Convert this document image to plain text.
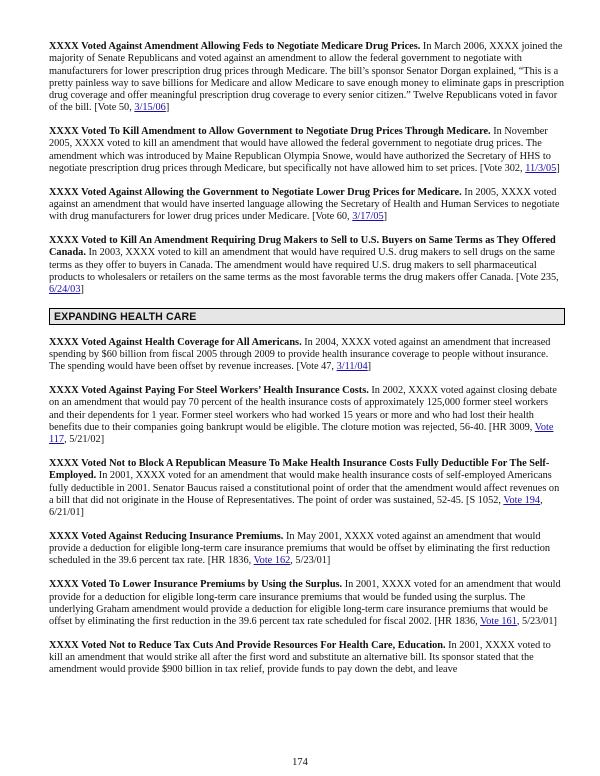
XXXX Voted Against Amendment Allowing Feds to Negotiate Medicare Drug Prices. In March 2006, XXXX joined the majority of Senate Republicans and voted against an amendment to allow the federal government to negotiate with manufacturers for lower prescription drug prices through Medicare. The bill’s sponsor Senator Dorgan explained, “This is a pretty painless way to save billions for Medicare and allow Medicare to save enough money to eliminate gaps in prescription drug coverage and offer meaningful prescription drug coverage to every senior citizen.” Twelve Republicans voted in favor of the bill. [Vote 50, 3/15/06]

XXXX Voted To Kill Amendment to Allow Government to Negotiate Drug Prices Through Medicare. In November 2005, XXXX voted to kill an amendment that would have allowed the federal government to negotiate drug prices. The amendment which was introduced by Maine Republican Olympia Snowe, would have authorized the Secretary of HHS to negotiate prescription drug prices through Medicare, but specifically not have allowed him to set prices. [Vote 302, 11/3/05]

XXXX Voted Against Allowing the Government to Negotiate Lower Drug Prices for Medicare. In 2005, XXXX voted against an amendment that would have inserted language allowing the Secretary of Health and Human Services to negotiate with drug manufacturers for lower drug prices under Medicare. [Vote 60, 3/17/05]

XXXX Voted to Kill An Amendment Requiring Drug Makers to Sell to U.S. Buyers on Same Terms as They Offered Canada. In 2003, XXXX voted to kill an amendment that would have required U.S. drug makers to sell drugs on the same terms as they offer to buyers in Canada. The amendment would have required U.S. drug makers to sell pharmaceutical products to wholesalers or retailers on the same terms as the most favorable terms the drug makers offer Canada. [Vote 235, 6/24/03]

EXPANDING HEALTH CARE

XXXX Voted Against Health Coverage for All Americans. In 2004, XXXX voted against an amendment that increased spending by $60 billion from fiscal 2005 through 2009 to provide health insurance coverage to people without insurance. The spending would have been offset by revenue increases. [Vote 47, 3/11/04]

XXXX Voted Against Paying For Steel Workers’ Health Insurance Costs. In 2002, XXXX voted against closing debate on an amendment that would pay 70 percent of the health insurance costs of approximately 125,000 former steel workers and their dependents for 1 year. Former steel workers who had worked 15 years or more and who had lost their health benefits due to their companies going bankrupt would be eligible. The cloture motion was rejected, 56-40. [HR 3009, Vote 117, 5/21/02]

XXXX Voted Not to Block A Republican Measure To Make Health Insurance Costs Fully Deductible For The Self-Employed. In 2001, XXXX voted for an amendment that would make health insurance costs of self-employed Americans fully deductible in 2001. Senator Baucus raised a constitutional point of order that the amendment would affect revenues on a bill that did not originate in the House of Representatives. The point of order was sustained, 52-45. [S 1052, Vote 194, 6/21/01]

XXXX Voted Against Reducing Insurance Premiums. In May 2001, XXXX voted against an amendment that would provide a deduction for eligible long-term care insurance premiums that would be offset by eliminating the first reduction scheduled in the 39.6 percent tax rate. [HR 1836, Vote 162, 5/23/01]

XXXX Voted To Lower Insurance Premiums by Using the Surplus. In 2001, XXXX voted for an amendment that would provide for a deduction for eligible long-term care insurance premiums that would be funded using the surplus. The underlying Graham amendment would provide a deduction for eligible long-term care insurance premiums that would be offset by eliminating the first reduction in the 39.6 percent tax rate scheduled for fiscal 2002. [HR 1836, Vote 161, 5/23/01]

XXXX Voted Not to Reduce Tax Cuts And Provide Resources For Health Care, Education. In 2001, XXXX voted to kill an amendment that would strike all after the first word and substitute an alternative bill. Its sponsor stated that the amendment would provide $900 billion in tax relief, provide funds to pay down the debt, and leave

174
